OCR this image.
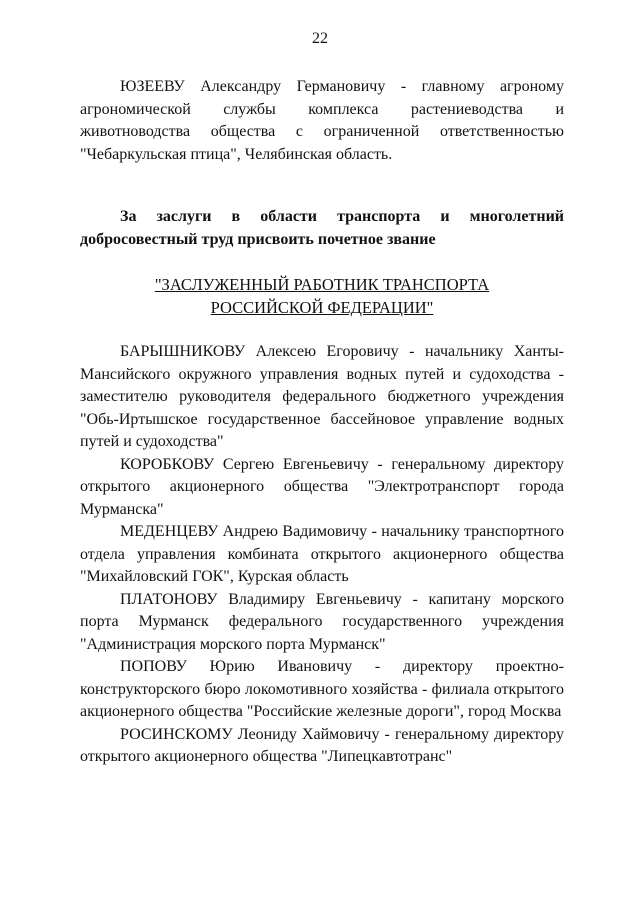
22

ЮЗЕЕВУ Александру Германовичу - главному агроному агрономической службы комплекса растениеводства и животноводства общества с ограниченной ответственностью "Чебаркульская птица", Челябинская область.

За заслуги в области транспорта и многолетний добросовестный труд присвоить почетное звание

"ЗАСЛУЖЕННЫЙ РАБОТНИК ТРАНСПОРТА
РОССИЙСКОЙ ФЕДЕРАЦИИ"

БАРЫШНИКОВУ Алексею Егоровичу - начальнику Ханты-Мансийского окружного управления водных путей и судоходства - заместителю руководителя федерального бюджетного учреждения "Обь-Иртышское государственное бассейновое управление водных путей и судоходства"

КОРОБКОВУ Сергею Евгеньевичу - генеральному директору открытого акционерного общества "Электротранспорт города Мурманска"

МЕДЕНЦЕВУ Андрею Вадимовичу - начальнику транспортного отдела управления комбината открытого акционерного общества "Михайловский ГОК", Курская область

ПЛАТОНОВУ Владимиру Евгеньевичу - капитану морского порта Мурманск федерального государственного учреждения "Администрация морского порта Мурманск"

ПОПОВУ Юрию Ивановичу - директору проектно-конструкторского бюро локомотивного хозяйства - филиала открытого акционерного общества "Российские железные дороги", город Москва

РОСИНСКОМУ Леониду Хаймовичу - генеральному директору открытого акционерного общества "Липецкавтотранс"
